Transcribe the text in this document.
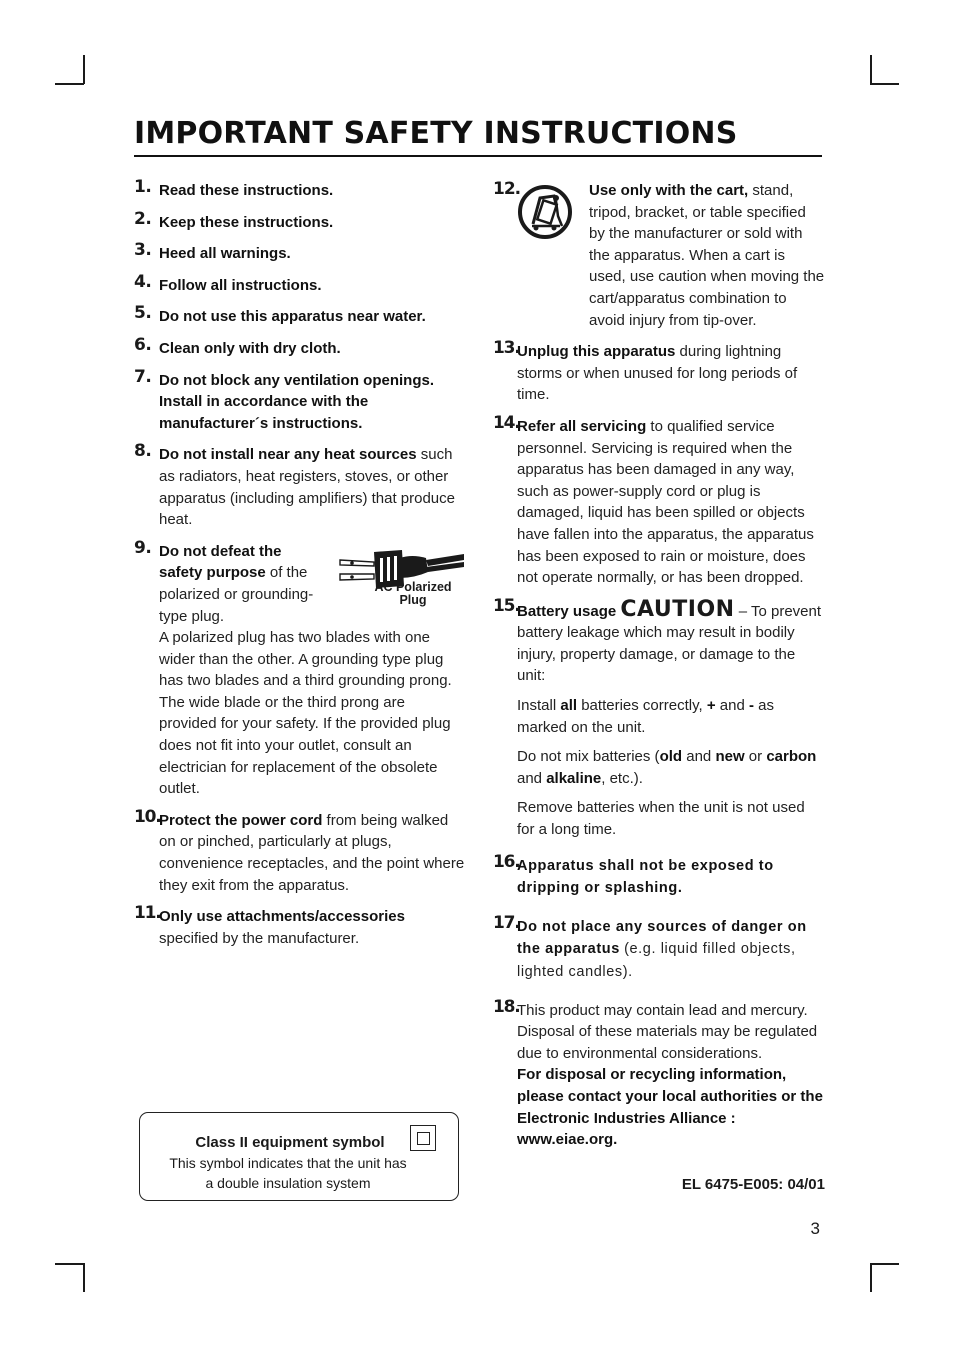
IMPORTANT SAFETY INSTRUCTIONS
1. Read these instructions.
2. Keep these instructions.
3. Heed all warnings.
4. Follow all instructions.
5. Do not use this apparatus near water.
6. Clean only with dry cloth.
7. Do not block any ventilation openings. Install in accordance with the manufacturer´s instructions.
8. Do not install near any heat sources such as radiators, heat registers, stoves, or other apparatus (including amplifiers) that produce heat.
9. Do not defeat the safety purpose of the polarized or grounding-type plug.
A polarized plug has two blades with one wider than the other. A grounding type plug has two blades and a third grounding prong. The wide blade or the third prong are provided for your safety. If the provided plug does not fit into your outlet, consult an electrician for replacement of the obsolete outlet.
AC Polarized
Plug
10.
Protect the power cord from being walked on or pinched, particularly at plugs, convenience receptacles, and the point where they exit from the apparatus.
11.
Only use attachments/accessories specified by the manufacturer.
12.	Use only with the cart, stand, tripod, bracket, or table specified by the manufacturer or sold with the apparatus. When a cart is used, use caution when moving the cart/apparatus combination to avoid injury from tip-over.
13.
Unplug this apparatus during lightning storms or when unused for long periods of time.
14.
Refer all servicing to qualified service personnel. Servicing is required when the apparatus has been damaged in any way, such as power-supply cord or plug is damaged, liquid has been spilled or objects have fallen into the apparatus, the apparatus has been exposed to rain or moisture, does not operate normally, or has been dropped.
15.
Battery usage CAUTION – To prevent battery leakage which may result in bodily injury, property damage, or damage to the unit:
Install all batteries correctly, + and - as marked on the unit.
Do not mix batteries (old and new or carbon and alkaline, etc.).
Remove batteries when the unit is not used for a long time.
16.
Apparatus shall not be exposed to dripping or splashing.
17.
Do not place any sources of danger on the apparatus (e.g. liquid filled objects, lighted candles).
18.
This product may contain lead and mercury. Disposal of these materials may be regulated due to environmental considerations.
For disposal or recycling information, please contact your local authorities or the Electronic Industries Alliance : www.eiae.org.
Class II equipment symbol
This symbol indicates that the unit has
a double insulation system	EL 6475-E005: 04/01
3
